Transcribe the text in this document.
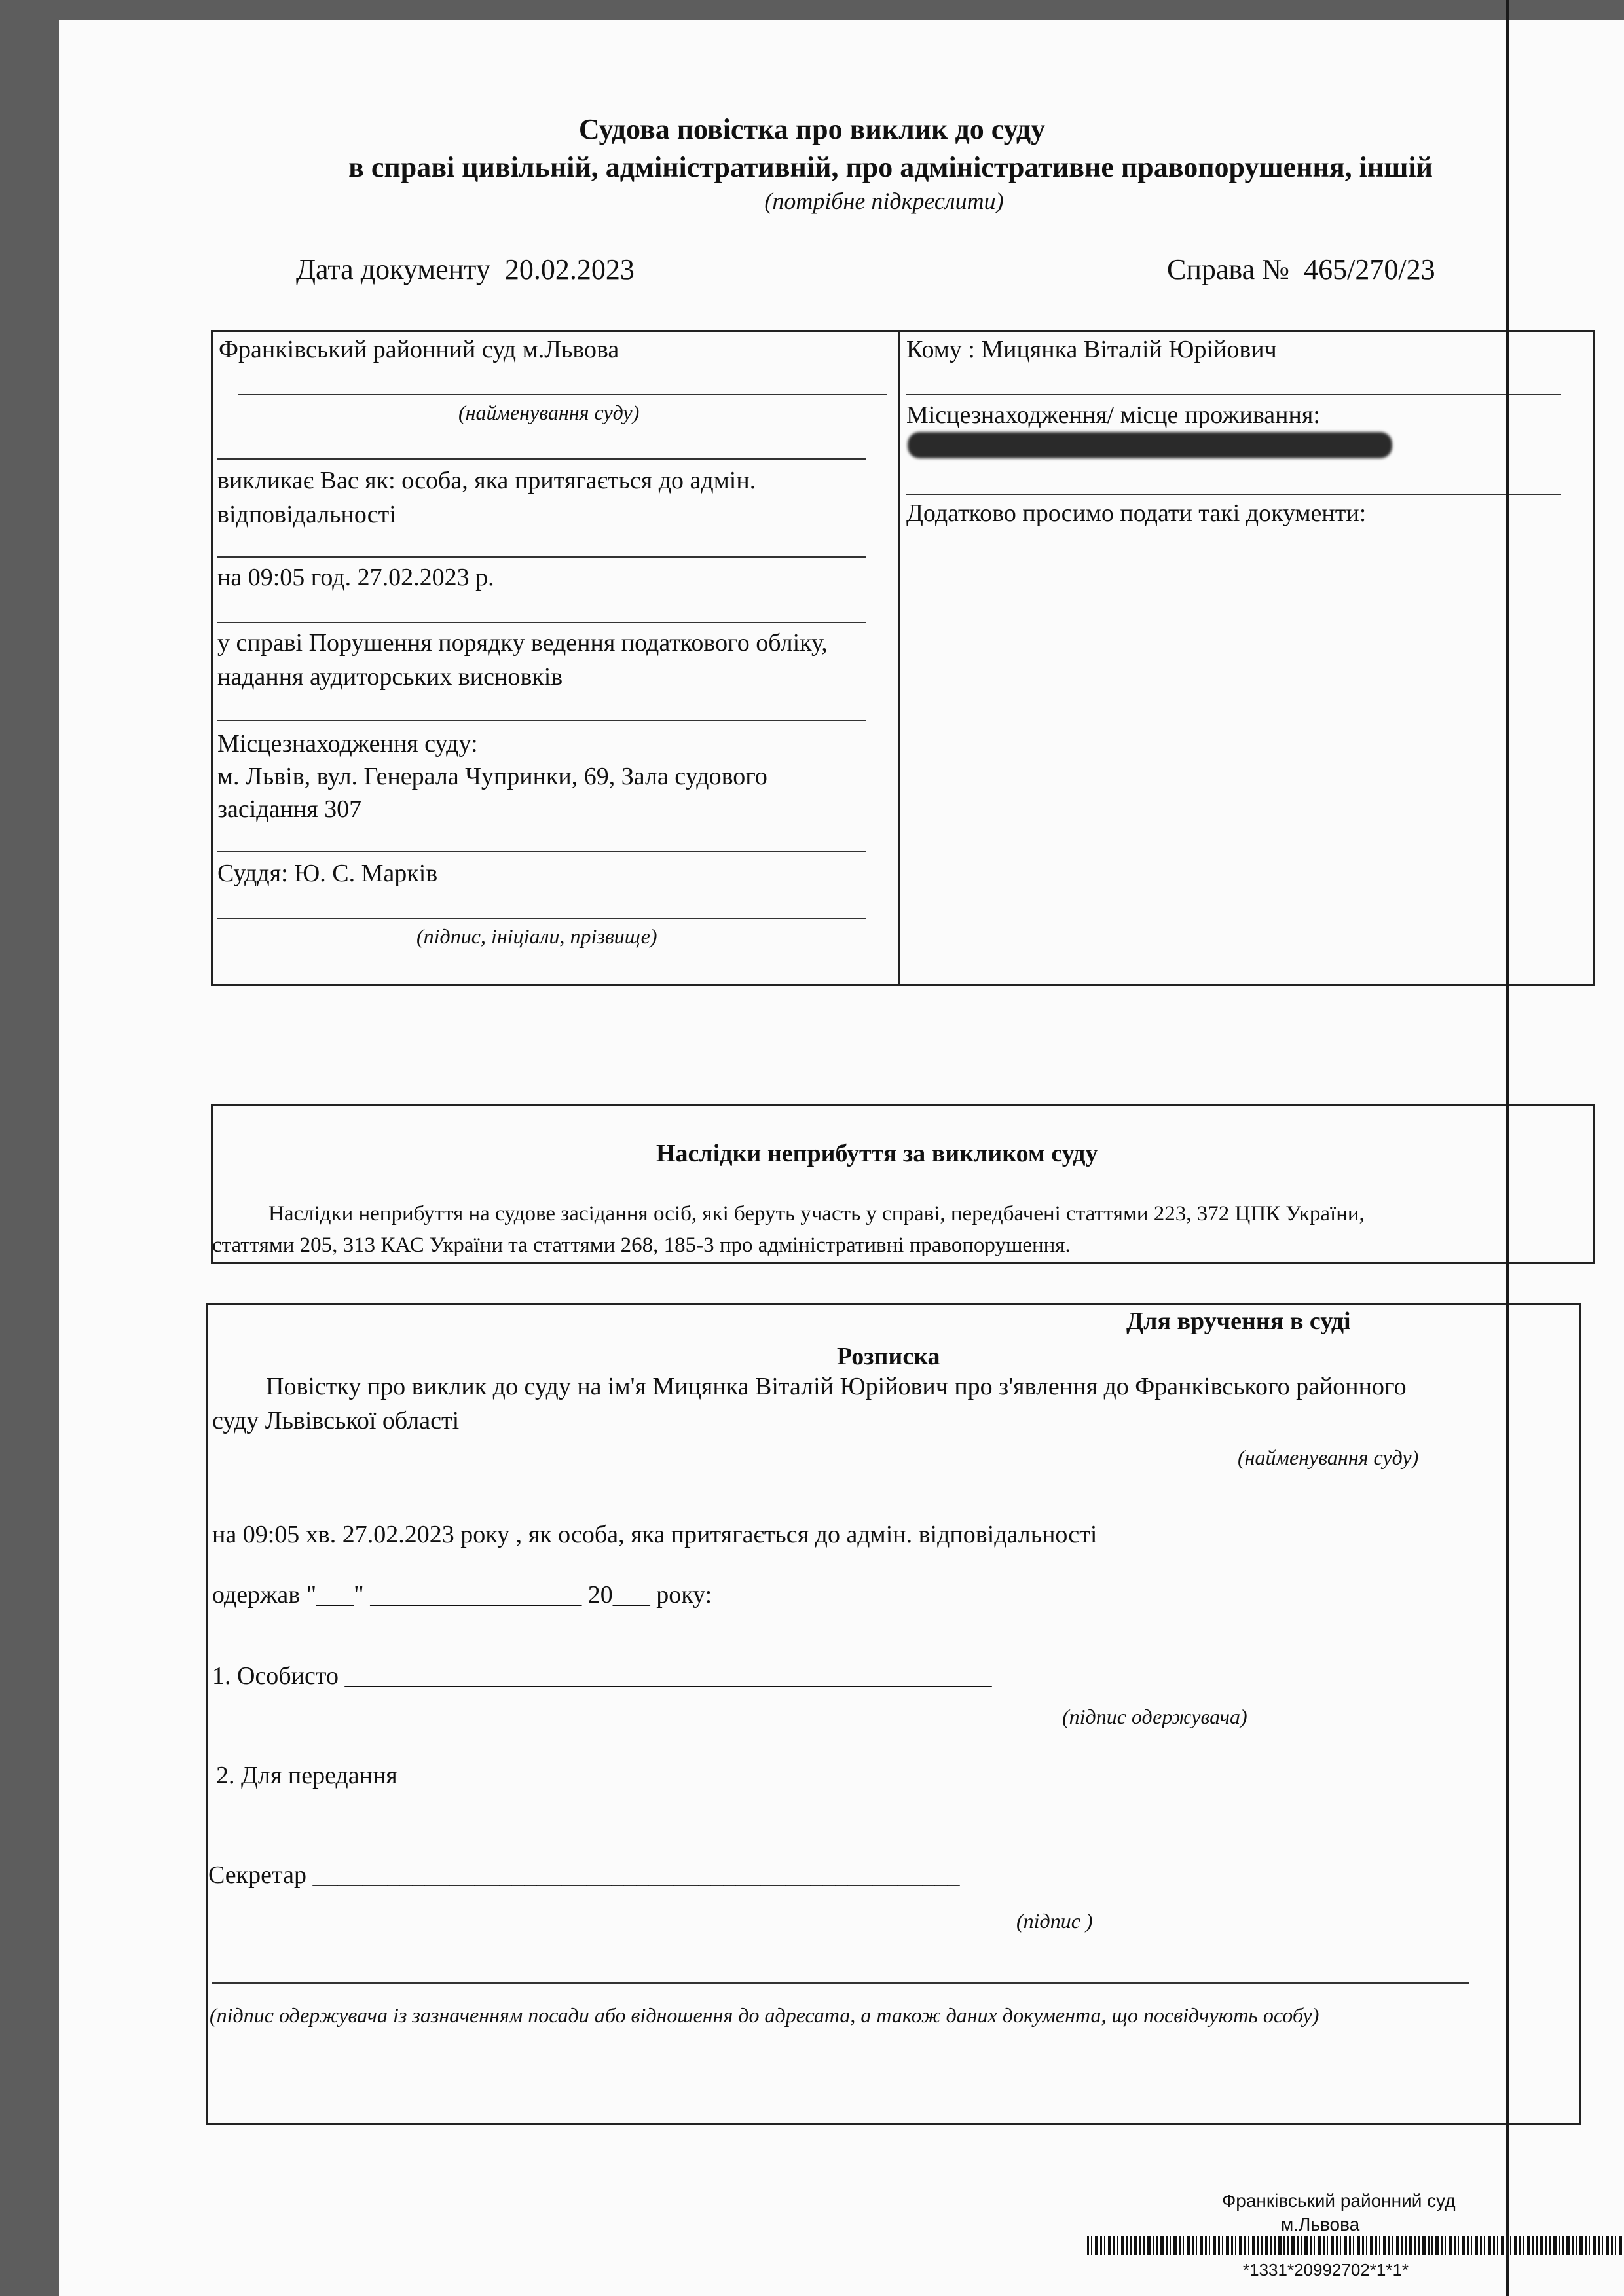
Судова повістка про виклик до суду
в справі цивільній, адміністративній, про адміністративне правопорушення, іншій
(потрібне підкреслити)
Дата документу 20.02.2023	Справа № 465/270/23
Франківський районний суд м.Львова
(найменування суду)
викликає Вас як: особа, яка притягається до адмін.
відповідальності
на 09:05 год. 27.02.2023 р.
у справі Порушення порядку ведення податкового обліку,
надання аудиторських висновків
Місцезнаходження суду:
м. Львів, вул. Генерала Чупринки, 69, Зала судового
засідання 307
Суддя: Ю. С. Марків
(підпис, ініціали, прізвище)
Кому : Мицянка Віталій Юрійович
Місцезнаходження/ місце проживання:
Додатково просимо подати такі документи:
Наслідки неприбуття за викликом суду
Наслідки неприбуття на судове засідання осіб, які беруть участь у справі, передбачені статтями 223, 372 ЦПК України,
статтями 205, 313 КАС України та статтями 268, 185-3 про адміністративні правопорушення.
Для вручення в суді
Розписка
Повістку про виклик до суду на ім'я Мицянка Віталій Юрійович про з'явлення до Франківського районного
суду Львівської області
(найменування суду)
на 09:05 хв. 27.02.2023 року , як особа, яка притягається до адмін. відповідальності
одержав "___" _________________ 20___ року:
1. Особисто ____________________________________________________
(підпис одержувача)
2. Для передання
Секретар ____________________________________________________
(підпис )
(підпис одержувача із зазначенням посади або відношення до адресата, а також даних документа, що посвідчують особу)
Франківський районний суд
м.Львова
*1331*20992702*1*1*
